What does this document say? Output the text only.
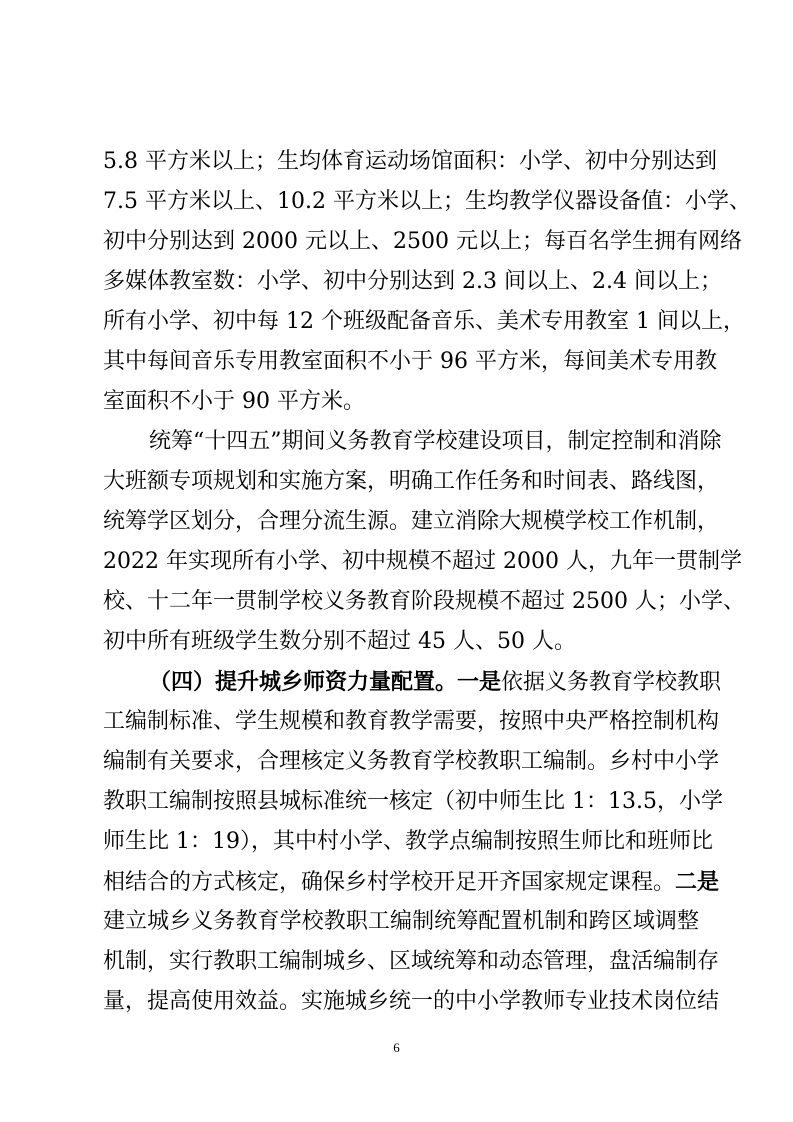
5.8 平方米以上；生均体育运动场馆面积：小学、初中分别达到
7.5 平方米以上、10.2 平方米以上；生均教学仪器设备值：小学、
初中分别达到 2000 元以上、2500 元以上；每百名学生拥有网络
多媒体教室数：小学、初中分别达到 2.3 间以上、2.4 间以上；
所有小学、初中每 12 个班级配备音乐、美术专用教室 1 间以上，
其中每间音乐专用教室面积不小于 96 平方米，每间美术专用教
室面积不小于 90 平方米。
统筹“十四五”期间义务教育学校建设项目，制定控制和消除
大班额专项规划和实施方案，明确工作任务和时间表、路线图，
统筹学区划分，合理分流生源。建立消除大规模学校工作机制，
2022 年实现所有小学、初中规模不超过 2000 人，九年一贯制学
校、十二年一贯制学校义务教育阶段规模不超过 2500 人；小学、
初中所有班级学生数分别不超过 45 人、50 人。
（四）提升城乡师资力量配置。一是依据义务教育学校教职
工编制标准、学生规模和教育教学需要，按照中央严格控制机构
编制有关要求，合理核定义务教育学校教职工编制。乡村中小学
教职工编制按照县城标准统一核定（初中师生比 1：13.5，小学
师生比 1：19），其中村小学、教学点编制按照生师比和班师比
相结合的方式核定，确保乡村学校开足开齐国家规定课程。二是
建立城乡义务教育学校教职工编制统筹配置机制和跨区域调整
机制，实行教职工编制城乡、区域统筹和动态管理，盘活编制存
量，提高使用效益。实施城乡统一的中小学教师专业技术岗位结
6
